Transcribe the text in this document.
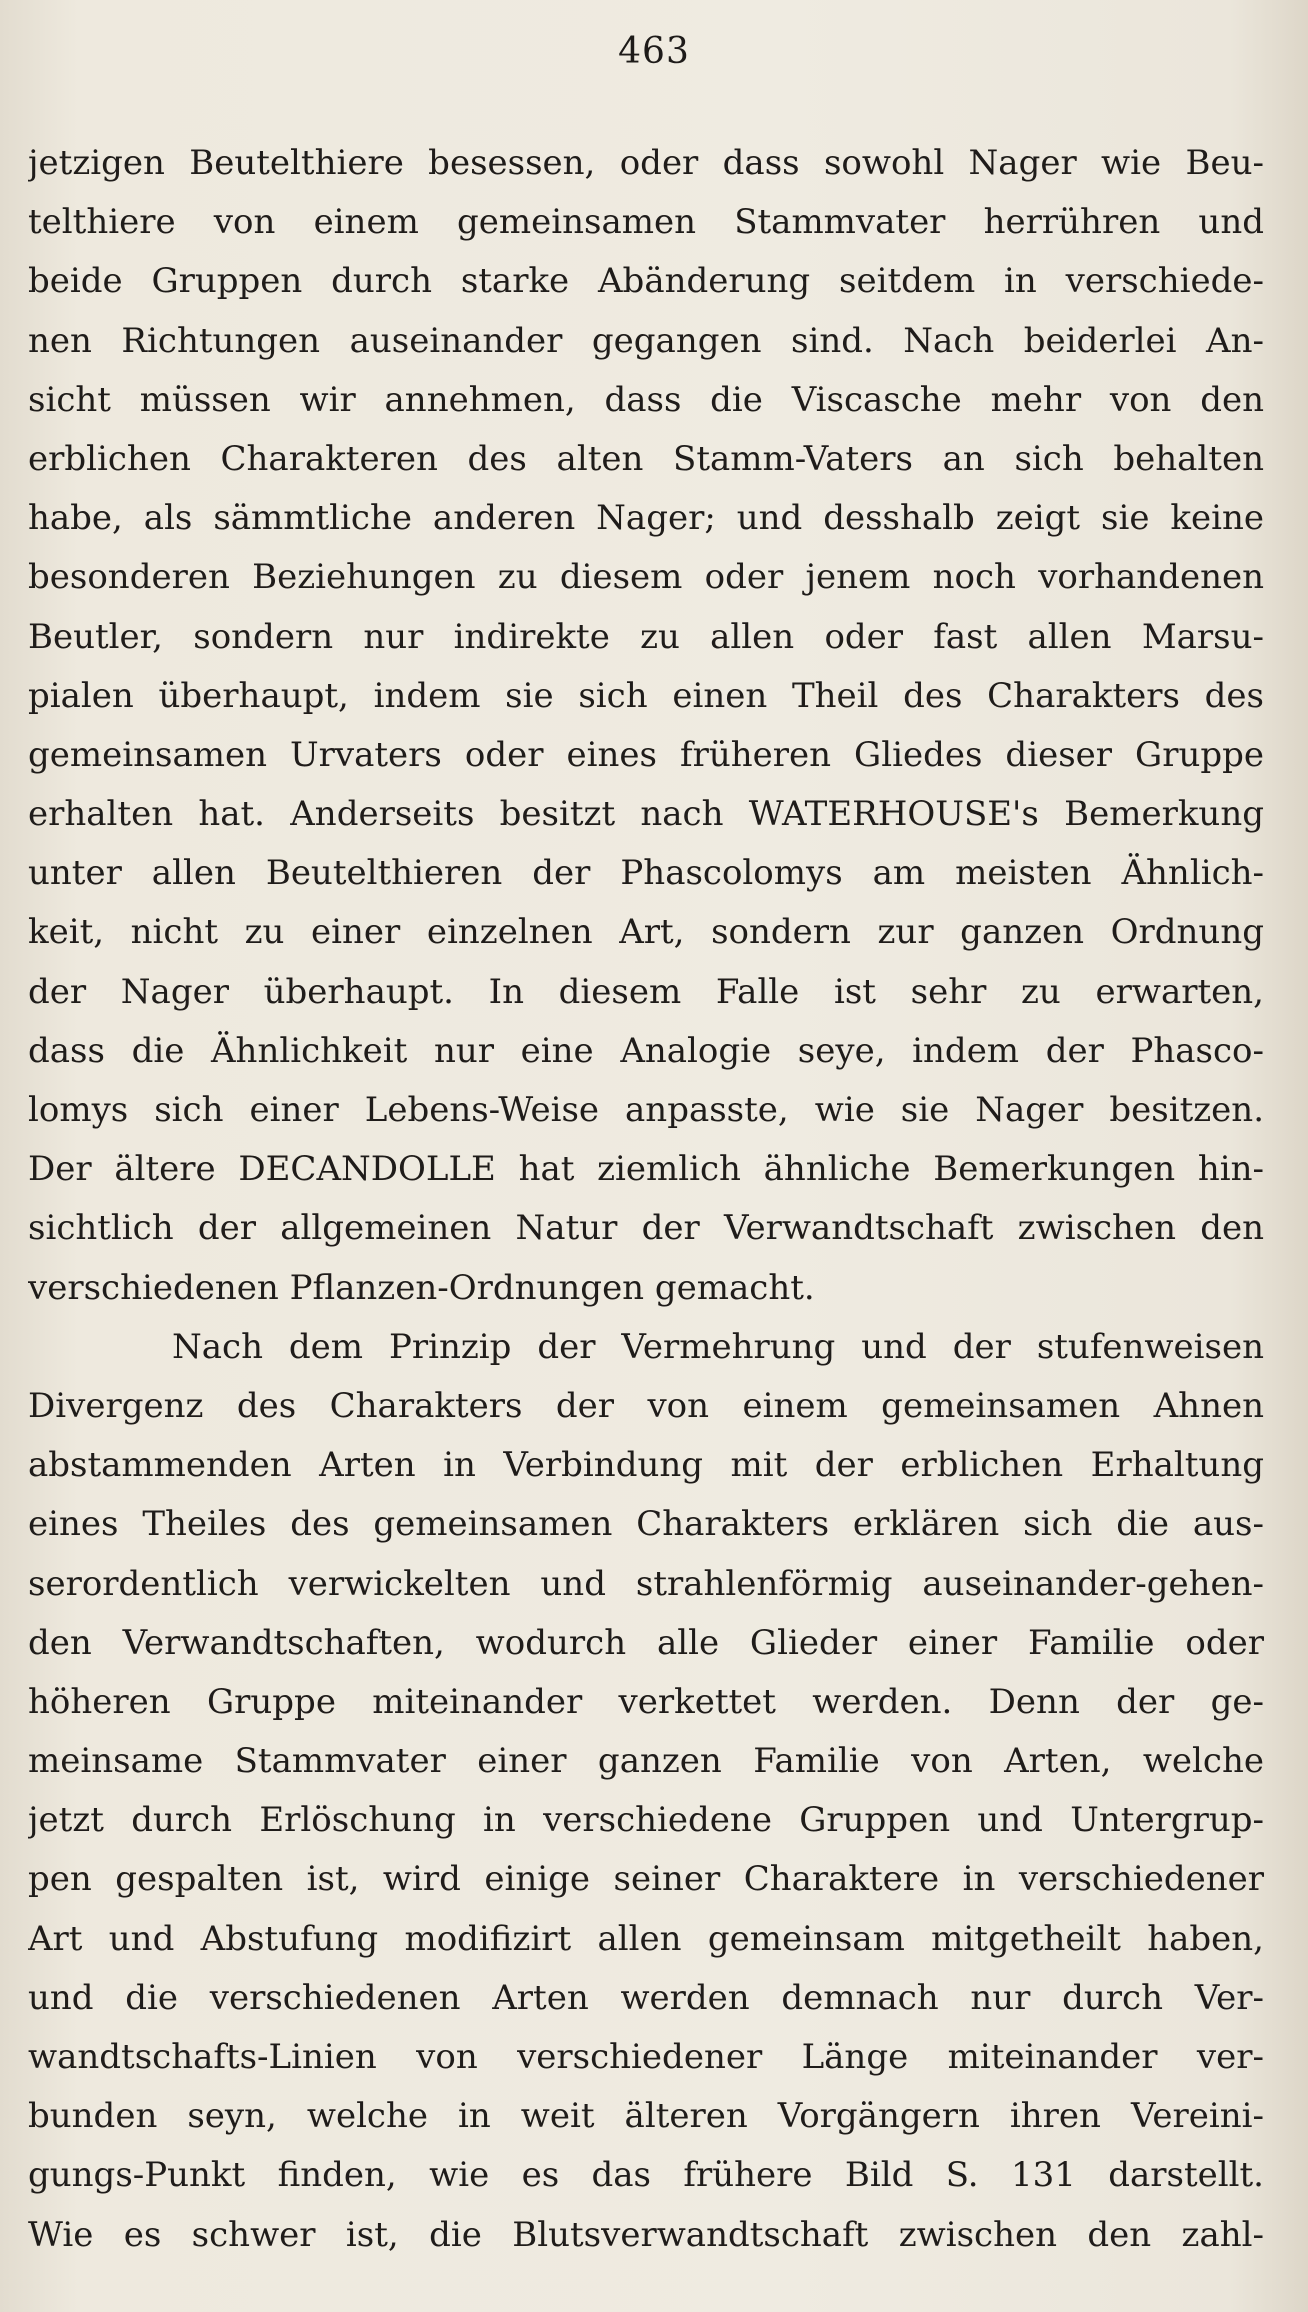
463
jetzigen Beutelthiere besessen, oder dass sowohl Nager wie Beu-
telthiere von einem gemeinsamen Stammvater herrühren und
beide Gruppen durch starke Abänderung seitdem in verschiede-
nen Richtungen auseinander gegangen sind. Nach beiderlei An-
sicht müssen wir annehmen, dass die Viscasche mehr von den
erblichen Charakteren des alten Stamm-Vaters an sich behalten
habe, als sämmtliche anderen Nager; und desshalb zeigt sie keine
besonderen Beziehungen zu diesem oder jenem noch vorhandenen
Beutler, sondern nur indirekte zu allen oder fast allen Marsu-
pialen überhaupt, indem sie sich einen Theil des Charakters des
gemeinsamen Urvaters oder eines früheren Gliedes dieser Gruppe
erhalten hat. Anderseits besitzt nach WATERHOUSE's Bemerkung
unter allen Beutelthieren der Phascolomys am meisten Ähnlich-
keit, nicht zu einer einzelnen Art, sondern zur ganzen Ordnung
der Nager überhaupt. In diesem Falle ist sehr zu erwarten,
dass die Ähnlichkeit nur eine Analogie seye, indem der Phasco-
lomys sich einer Lebens-Weise anpasste, wie sie Nager besitzen.
Der ältere DECANDOLLE hat ziemlich ähnliche Bemerkungen hin-
sichtlich der allgemeinen Natur der Verwandtschaft zwischen den
verschiedenen Pflanzen-Ordnungen gemacht.
Nach dem Prinzip der Vermehrung und der stufenweisen
Divergenz des Charakters der von einem gemeinsamen Ahnen
abstammenden Arten in Verbindung mit der erblichen Erhaltung
eines Theiles des gemeinsamen Charakters erklären sich die aus-
serordentlich verwickelten und strahlenförmig auseinander-gehen-
den Verwandtschaften, wodurch alle Glieder einer Familie oder
höheren Gruppe miteinander verkettet werden. Denn der ge-
meinsame Stammvater einer ganzen Familie von Arten, welche
jetzt durch Erlöschung in verschiedene Gruppen und Untergrup-
pen gespalten ist, wird einige seiner Charaktere in verschiedener
Art und Abstufung modifizirt allen gemeinsam mitgetheilt haben,
und die verschiedenen Arten werden demnach nur durch Ver-
wandtschafts-Linien von verschiedener Länge miteinander ver-
bunden seyn, welche in weit älteren Vorgängern ihren Vereini-
gungs-Punkt finden, wie es das frühere Bild S. 131 darstellt.
Wie es schwer ist, die Blutsverwandtschaft zwischen den zahl-
